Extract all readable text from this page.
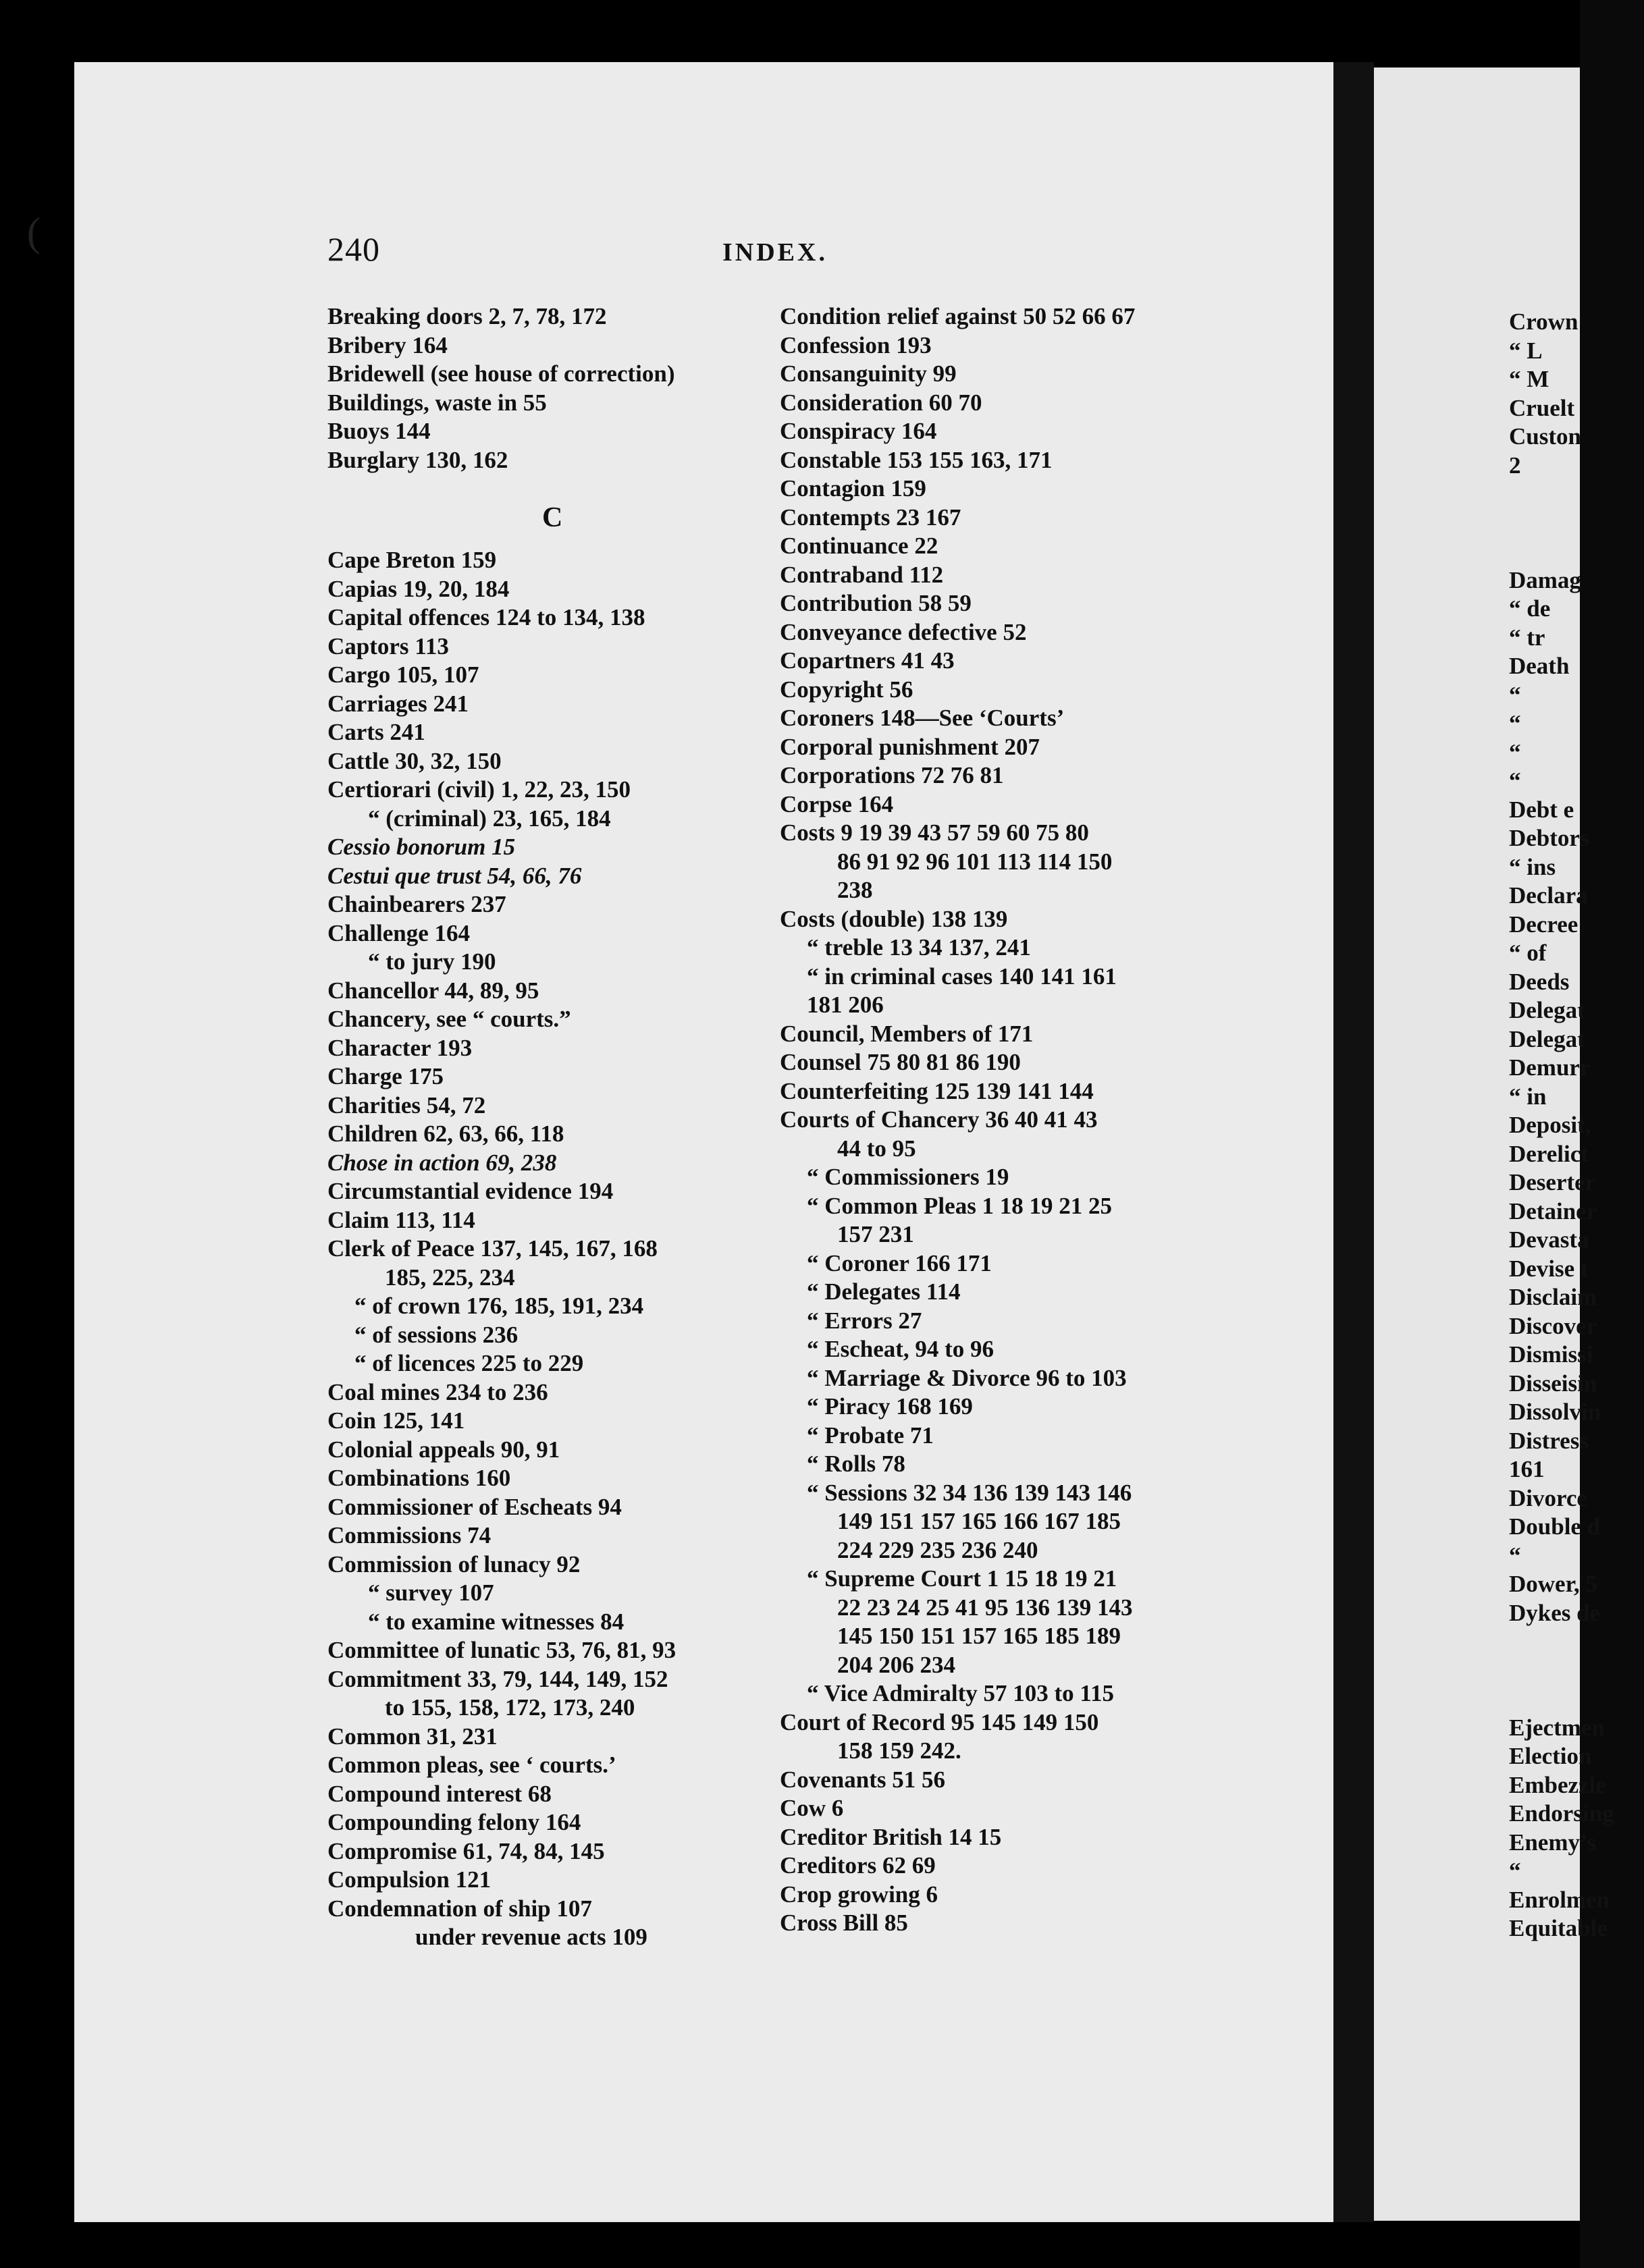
(	240	INDEX.
Breaking doors 2, 7, 78, 172
Bribery 164
Bridewell (see house of correction)
Buildings, waste in 55
Buoys 144
Burglary 130, 162
C
Cape Breton 159
Capias 19, 20, 184
Capital offences 124 to 134, 138
Captors 113
Cargo 105, 107
Carriages 241
Carts 241
Cattle 30, 32, 150
Certiorari (civil) 1, 22, 23, 150
“ (criminal) 23, 165, 184
Cessio bonorum 15
Cestui que trust 54, 66, 76
Chainbearers 237
Challenge 164
“ to jury 190
Chancellor 44, 89, 95
Chancery, see “ courts.”
Character 193
Charge 175
Charities 54, 72
Children 62, 63, 66, 118
Chose in action 69, 238
Circumstantial evidence 194
Claim 113, 114
Clerk of Peace 137, 145, 167, 168
185, 225, 234
“ of crown 176, 185, 191, 234
“ of sessions 236
“ of licences 225 to 229
Coal mines 234 to 236
Coin 125, 141
Colonial appeals 90, 91
Combinations 160
Commissioner of Escheats 94
Commissions 74
Commission of lunacy 92
“ survey 107
“ to examine witnesses 84
Committee of lunatic 53, 76, 81, 93
Commitment 33, 79, 144, 149, 152
to 155, 158, 172, 173, 240
Common 31, 231
Common pleas, see ‘ courts.’
Compound interest 68
Compounding felony 164
Compromise 61, 74, 84, 145
Compulsion 121
Condemnation of ship 107
under revenue acts 109
Condition relief against 50 52 66 67
Confession 193
Consanguinity 99
Consideration 60 70
Conspiracy 164
Constable 153 155 163, 171
Contagion 159
Contempts 23 167
Continuance 22
Contraband 112
Contribution 58 59
Conveyance defective 52
Copartners 41 43
Copyright 56
Coroners 148—See ‘Courts’
Corporal punishment 207
Corporations 72 76 81
Corpse 164
Costs 9 19 39 43 57 59 60 75 80
86 91 92 96 101 113 114 150
238
Costs (double) 138 139
“ treble 13 34 137, 241
“ in criminal cases 140 141 161
181 206
Council, Members of 171
Counsel 75 80 81 86 190
Counterfeiting 125 139 141 144
Courts of Chancery 36 40 41 43
44 to 95
“ Commissioners 19
“ Common Pleas 1 18 19 21 25
157 231
“ Coroner 166 171
“ Delegates 114
“ Errors 27
“ Escheat, 94 to 96
“ Marriage & Divorce 96 to 103
“ Piracy 168 169
“ Probate 71
“ Rolls 78
“ Sessions 32 34 136 139 143 146
149 151 157 165 166 167 185
224 229 235 236 240
“ Supreme Court 1 15 18 19 21
22 23 24 25 41 95 136 139 143
145 150 151 157 165 185 189
204 206 234
“ Vice Admiralty 57 103 to 115
Court of Record 95 145 149 150
158 159 242.
Covenants 51 56
Cow 6
Creditor British 14 15
Creditors 62 69
Crop growing 6
Cross Bill 85
Crown
“ L
“ M
Cruelt
Custon
2
Damag
“ de
“ tr
Death
“
“
“
“
Debt e
Debtors
“ ins
Declara
Decree
“ of
Deeds
Delegat
Delegat
Demurr
“ in
Deposit,
Derelict
Deserter
Detainer
Devasta
Devise t
Disclaim
Discover
Dismissi
Disseisin
Dissolvin
Distress
161
Divorce
Double d
“
Dower, 5
Dykes de
Ejectmen
Election
Embezzle
Endorsing
Enemy’s
“
Enrolmen
Equitable
